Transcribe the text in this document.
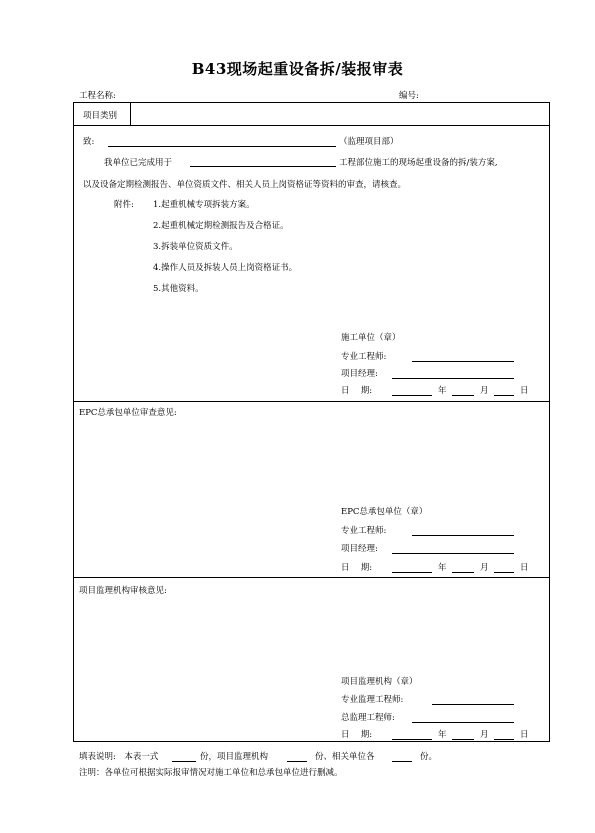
B43现场起重设备拆/装报审表
工程名称:	编号:
项目类别
致:	（监理项目部）
我单位已完成用于	工程部位施工的现场起重设备的拆/装方案,
以及设备定期检测报告、单位资质文件、相关人员上岗资格证等资料的审查，请核查。
附件: 1.起重机械专项拆装方案。
2.起重机械定期检测报告及合格证。
3.拆装单位资质文件。
4.操作人员及拆装人员上岗资格证书。
5.其他资料。
施工单位（章）
专业工程师:
项目经理:
日　 期:	年	月	日
EPC总承包单位审查意见:
EPC总承包单位（章）
专业工程师:
项目经理:
日　 期:	年	月	日
项目监理机构审核意见:
项目监理机构（章）
专业监理工程师:
总监理工程师:
日　 期:	年	月	日
填表说明:　本表一式	份，项目监理机构	份、相关单位各	份。
注明：各单位可根据实际报审情况对施工单位和总承包单位进行删减。
